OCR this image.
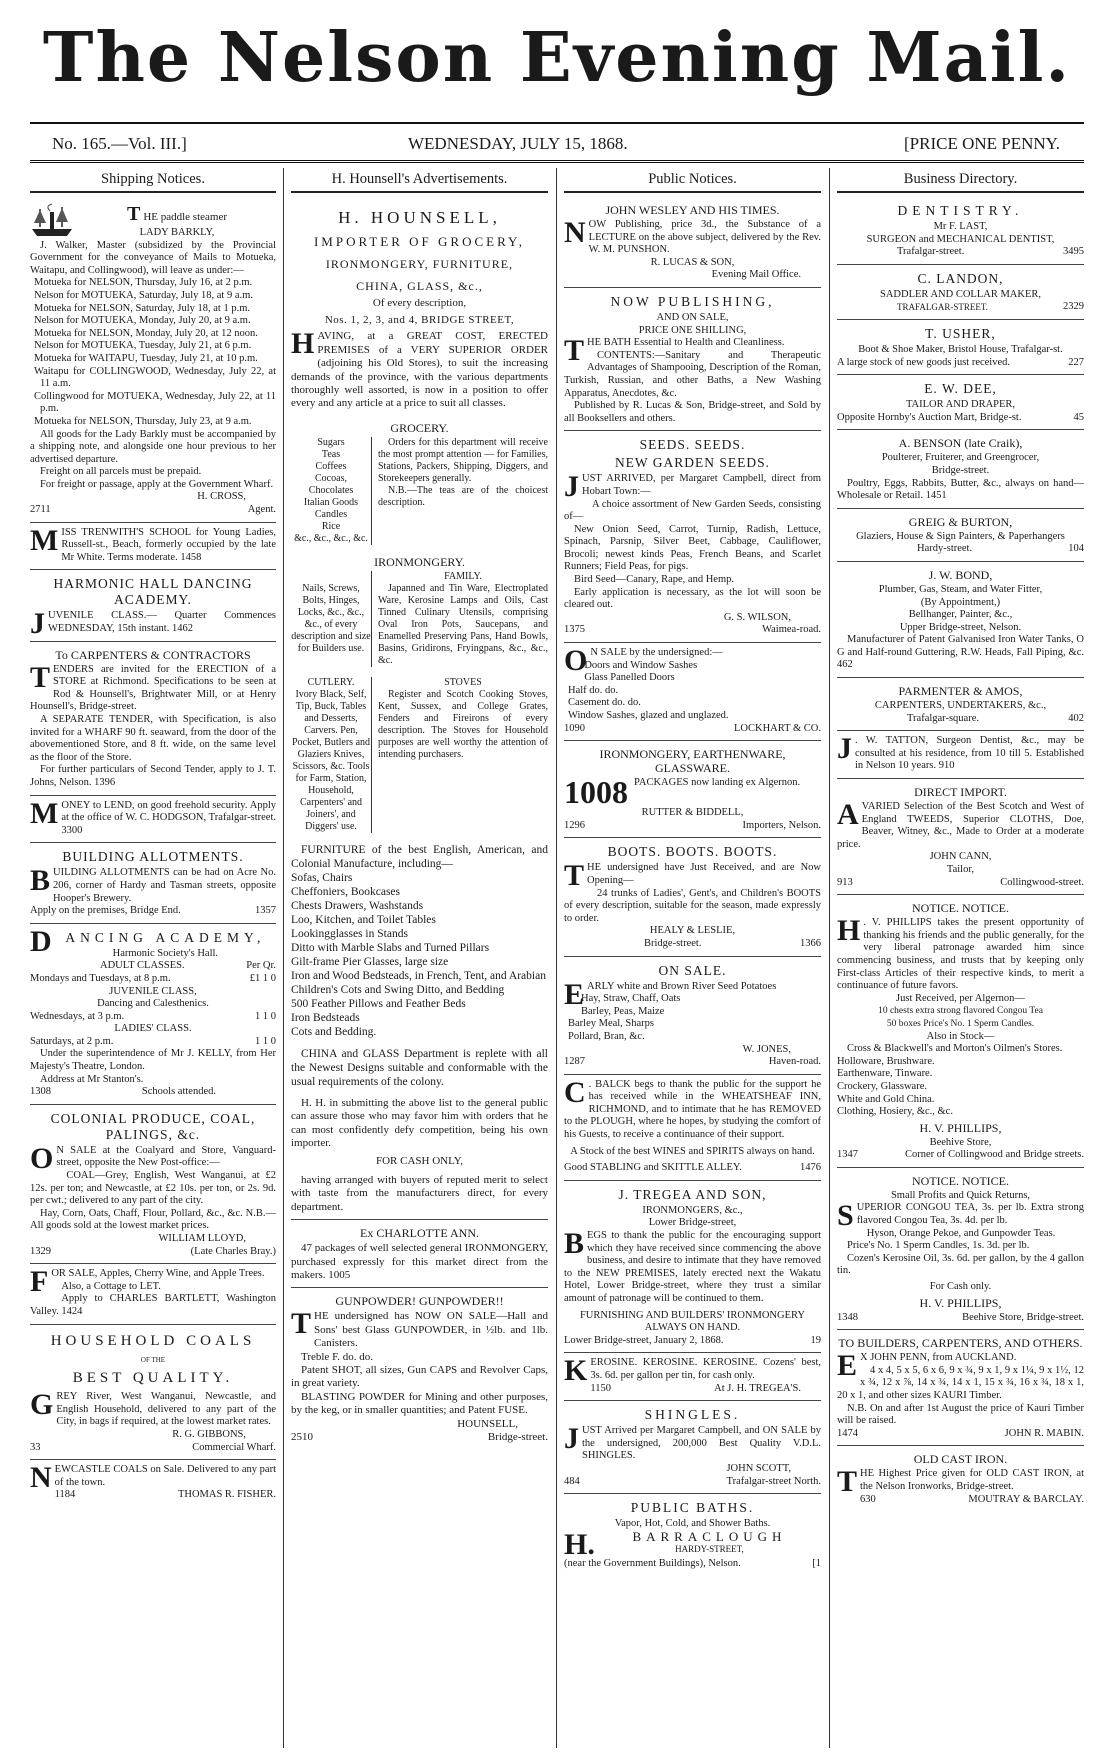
The Nelson Evening Mail.
No. 165.—Vol. III.]	WEDNESDAY, JULY 15, 1868.	[PRICE ONE PENNY.
Shipping Notices.
THE paddle steamer
LADY BARKLY,

J. Walker, Master (subsidized by the Provincial Government for the conveyance of Mails to Motueka, Waitapu, and Collingwood), will leave as under:—

Motueka for NELSON, Thursday, July 16, at 2 p.m.

Nelson for MOTUEKA, Saturday, July 18, at 9 a.m.

Motueka for NELSON, Saturday, July 18, at 1 p.m.

Nelson for MOTUEKA, Monday, July 20, at 9 a.m.

Motueka for NELSON, Monday, July 20, at 12 noon.

Nelson for MOTUEKA, Tuesday, July 21, at 6 p.m.

Motueka for WAITAPU, Tuesday, July 21, at 10 p.m.

Waitapu for COLLINGWOOD, Wednesday, July 22, at 11 a.m.

Collingwood for MOTUEKA, Wednesday, July 22, at 11 p.m.

Motueka for NELSON, Thursday, July 23, at 9 a.m.

All goods for the Lady Barkly must be accompanied by a shipping note, and alongside one hour previous to her advertised departure.

Freight on all parcels must be prepaid.

For freight or passage, apply at the Government Wharf.

H. CROSS,
2711	Agent.
M ISS TRENWITH'S SCHOOL for Young Ladies, Russell-st., Beach, formerly occupied by the late Mr White. Terms moderate. 1458

HARMONIC HALL DANCING ACADEMY.
J UVENILE CLASS.— Quarter Commences WEDNESDAY, 15th instant. 1462

To CARPENTERS & CONTRACTORS
T ENDERS are invited for the ERECTION of a STORE at Richmond. Specifications to be seen at Rod & Hounsell's, Brightwater Mill, or at Henry Hounsell's, Bridge-street.

A SEPARATE TENDER, with Specification, is also invited for a WHARF 90 ft. seaward, from the door of the abovementioned Store, and 8 ft. wide, on the same level as the floor of the Store.

For further particulars of Second Tender, apply to J. T. Johns, Nelson. 1396

M ONEY to LEND, on good freehold security. Apply at the office of W. C. HODGSON, Trafalgar-street. 3300

BUILDING ALLOTMENTS.
B UILDING ALLOTMENTS can be had on Acre No. 206, corner of Hardy and Tasman streets, opposite Hooper's Brewery.

Apply on the premises, Bridge End.	1357
D	ANCING ACADEMY,
Harmonic Society's Hall.
ADULT CLASSES.	Per Qr.
Mondays and Tuesdays, at 8 p.m.	£1 1 0
JUVENILE CLASS,
Dancing and Calesthenics.
Wednesdays, at 3 p.m.	1 1 0
LADIES' CLASS.
Saturdays, at 2 p.m.	1 1 0

Under the superintendence of Mr J. KELLY, from Her Majesty's Theatre, London.

Address at Mr Stanton's.

1308	Schools attended.
COLONIAL PRODUCE, COAL, PALINGS, &c.
O N SALE at the Coalyard and Store, Vanguard-street, opposite the New Post-office:—

COAL—Grey, English, West Wanganui, at £2 12s. per ton; and Newcastle, at £2 10s. per ton, or 2s. 9d. per cwt.; delivered to any part of the city.

Hay, Corn, Oats, Chaff, Flour, Pollard, &c., &c. N.B.—All goods sold at the lowest market prices.

WILLIAM LLOYD,
1329	(Late Charles Bray.)
F OR SALE, Apples, Cherry Wine, and Apple Trees.

Also, a Cottage to LET.

Apply to CHARLES BARTLETT, Washington Valley. 1424

HOUSEHOLD COALS
OF THE
BEST QUALITY.
G REY River, West Wanganui, Newcastle, and English Household, delivered to any part of the City, in bags if required, at the lowest market rates.

R. G. GIBBONS,
33	Commercial Wharf.
N EWCASTLE COALS on Sale. Delivered to any part of the town.

1184	THOMAS R. FISHER.
H. Hounsell's Advertisements.
H. HOUNSELL,
IMPORTER OF GROCERY,
IRONMONGERY, FURNITURE,
CHINA, GLASS, &c.,
Of every description,
Nos. 1, 2, 3, and 4, BRIDGE STREET,
H AVING, at a GREAT COST, ERECTED PREMISES of a VERY SUPERIOR ORDER (adjoining his Old Stores), to suit the increasing demands of the province, with the various departments thoroughly well assorted, is now in a position to offer every and any article at a price to suit all classes.

GROCERY.
Sugars
Teas
Coffees
Cocoas,
Chocolates
Italian Goods
Candles
Rice
&c., &c., &c., &c.

Orders for this department will receive the most prompt attention — for Families, Stations, Packers, Shipping, Diggers, and Storekeepers generally.

N.B.—The teas are of the choicest description.

IRONMONGERY.
Nails, Screws, Bolts, Hinges, Locks, &c., &c., &c., of every description and size for Builders use.
FAMILY.

Japanned and Tin Ware, Electroplated Ware, Kerosine Lamps and Oils, Cast Tinned Culinary Utensils, comprising Oval Iron Pots, Saucepans, and Enamelled Preserving Pans, Hand Bowls, Basins, Gridirons, Fryingpans, &c., &c., &c.

CUTLERY.
Ivory Black, Self, Tip, Buck, Tables and Desserts, Carvers. Pen, Pocket, Butlers and Glaziers Knives, Scissors, &c. Tools for Farm, Station, Household, Carpenters' and Joiners', and Diggers' use.
STOVES

Register and Scotch Cooking Stoves, Kent, Sussex, and College Grates, Fenders and Fireirons of every description. The Stoves for Household purposes are well worthy the attention of intending purchasers.

FURNITURE of the best English, American, and Colonial Manufacture, including—

Sofas, Chairs
Cheffoniers, Bookcases
Chests Drawers, Washstands
Loo, Kitchen, and Toilet Tables
Lookingglasses in Stands
Ditto with Marble Slabs and Turned Pillars
Gilt-frame Pier Glasses, large size
Iron and Wood Bedsteads, in French, Tent, and Arabian
Children's Cots and Swing Ditto, and Bedding
500 Feather Pillows and Feather Beds
Iron Bedsteads
Cots and Bedding.

CHINA and GLASS Department is replete with all the Newest Designs suitable and conformable with the usual requirements of the colony.

H. H. in submitting the above list to the general public can assure those who may favor him with orders that he can most confidently defy competition, being his own importer.

FOR CASH ONLY,

having arranged with buyers of reputed merit to select with taste from the manufacturers direct, for every department.

Ex CHARLOTTE ANN.

47 packages of well selected general IRONMONGERY, purchased expressly for this market direct from the makers. 1005

GUNPOWDER! GUNPOWDER!!
T HE undersigned has NOW ON SALE—Hall and Sons' best Glass GUNPOWDER, in ½lb. and 1lb. Canisters.

Treble F. do. do.

Patent SHOT, all sizes, Gun CAPS and Revolver Caps, in great variety.

BLASTING POWDER for Mining and other purposes, by the keg, or in smaller quantities; and Patent FUSE.

HOUNSELL,
2510	Bridge-street.
Public Notices.
JOHN WESLEY AND HIS TIMES.
N OW Publishing, price 3d., the Substance of a LECTURE on the above subject, delivered by the Rev. W. M. PUNSHON.

R. LUCAS & SON,
Evening Mail Office.
NOW PUBLISHING,
AND ON SALE,
PRICE ONE SHILLING,
T HE BATH Essential to Health and Cleanliness.

CONTENTS:—Sanitary and Therapeutic Advantages of Shampooing, Description of the Roman, Turkish, Russian, and other Baths, a New Washing Apparatus, Anecdotes, &c.

Published by R. Lucas & Son, Bridge-street, and Sold by all Booksellers and others.

SEEDS. SEEDS.
NEW GARDEN SEEDS.
J UST ARRIVED, per Margaret Campbell, direct from Hobart Town:—

A choice assortment of New Garden Seeds, consisting of—

New Onion Seed, Carrot, Turnip, Radish, Lettuce, Spinach, Parsnip, Silver Beet, Cabbage, Cauliflower, Brocoli; newest kinds Peas, French Beans, and Scarlet Runners; Field Peas, for pigs.

Bird Seed—Canary, Rape, and Hemp.

Early application is necessary, as the lot will soon be cleared out.

G. S. WILSON,
1375	Waimea-road.
O N SALE by the undersigned:—

Doors and Window Sashes
Glass Panelled Doors
Half do. do.
Casement do. do.
Window Sashes, glazed and unglazed.
1090	LOCKHART & CO.
IRONMONGERY, EARTHENWARE, GLASSWARE.
1008 PACKAGES now landing ex Algernon.

RUTTER & BIDDELL,
1296	Importers, Nelson.
BOOTS. BOOTS. BOOTS.
T HE undersigned have Just Received, and are Now Opening—

24 trunks of Ladies', Gent's, and Children's BOOTS of every description, suitable for the season, made expressly to order.

HEALY & LESLIE,
Bridge-street.	1366
ON SALE.
E ARLY white and Brown River Seed Potatoes

Hay, Straw, Chaff, Oats
Barley, Peas, Maize
Barley Meal, Sharps
Pollard, Bran, &c.
W. JONES,
1287	Haven-road.
C . BALCK begs to thank the public for the support he has received while in the WHEATSHEAF INN, RICHMOND, and to intimate that he has REMOVED to the PLOUGH, where he hopes, by studying the comfort of his Guests, to receive a continuance of their support.

A Stock of the best WINES and SPIRITS always on hand.
Good STABLING and SKITTLE ALLEY.	1476
J. TREGEA AND SON,
IRONMONGERS, &c.,
Lower Bridge-street,
B EGS to thank the public for the encouraging support which they have received since commencing the above business, and desire to intimate that they have removed to the NEW PREMISES, lately erected next the Wakatu Hotel, Lower Bridge-street, where they trust a similar amount of patronage will be continued to them.

FURNISHING AND BUILDERS' IRONMONGERY ALWAYS ON HAND.
Lower Bridge-street, January 2, 1868.	19
K EROSINE. KEROSINE. KEROSINE. Cozens' best, 3s. 6d. per gallon per tin, for cash only.

1150	At J. H. TREGEA'S.
SHINGLES.
J UST Arrived per Margaret Campbell, and ON SALE by the undersigned, 200,000 Best Quality V.D.L. SHINGLES.

JOHN SCOTT,
484	Trafalgar-street North.
PUBLIC BATHS.
Vapor, Hot, Cold, and Shower Baths.
H.	BARRACLOUGH
HARDY-STREET,
(near the Government Buildings), Nelson.	[1
Business Directory.
DENTISTRY.
Mr F. LAST,
SURGEON and MECHANICAL DENTIST,
Trafalgar-street.	3495
C. LANDON,
SADDLER AND COLLAR MAKER,
TRAFALGAR-STREET.	2329
T. USHER,
Boot & Shoe Maker, Bristol House, Trafalgar-st.
A large stock of new goods just received.	227
E. W. DEE,
TAILOR AND DRAPER,
Opposite Hornby's Auction Mart, Bridge-st.	45
A. BENSON (late Craik),
Poulterer, Fruiterer, and Greengrocer,
Bridge-street.

Poultry, Eggs, Rabbits, Butter, &c., always on hand—Wholesale or Retail. 1451

GREIG & BURTON,
Glaziers, House & Sign Painters, & Paperhangers
Hardy-street.	104
J. W. BOND,
Plumber, Gas, Steam, and Water Fitter,
(By Appointment,)
Bellhanger, Painter, &c.,
Upper Bridge-street, Nelson.

Manufacturer of Patent Galvanised Iron Water Tanks, O G and Half-round Guttering, R.W. Heads, Fall Piping, &c. 462

PARMENTER & AMOS,
CARPENTERS, UNDERTAKERS, &c.,
Trafalgar-square.	402
J . W. TATTON, Surgeon Dentist, &c., may be consulted at his residence, from 10 till 5. Established in Nelson 10 years. 910

DIRECT IMPORT.
A VARIED Selection of the Best Scotch and West of England TWEEDS, Superior CLOTHS, Doe, Beaver, Witney, &c., Made to Order at a moderate price.

JOHN CANN,
Tailor,
913	Collingwood-street.
NOTICE. NOTICE.
H . V. PHILLIPS takes the present opportunity of thanking his friends and the public generally, for the very liberal patronage awarded him since commencing business, and trusts that by keeping only First-class Articles of their respective kinds, to merit a continuance of future favors.

Just Received, per Algernon—
10 chests extra strong flavored Congou Tea
50 boxes Price's No. 1 Sperm Candles.
Also in Stock—

Cross & Blackwell's and Morton's Oilmen's Stores.

Holloware, Brushware.
Earthenware, Tinware.
Crockery, Glassware.
White and Gold China.
Clothing, Hosiery, &c., &c.
H. V. PHILLIPS,
Beehive Store,
1347	Corner of Collingwood and Bridge streets.
NOTICE. NOTICE.
Small Profits and Quick Returns,
S UPERIOR CONGOU TEA, 3s. per lb. Extra strong flavored Congou Tea, 3s. 4d. per lb.

Hyson, Orange Pekoe, and Gunpowder Teas.

Price's No. 1 Sperm Candles, 1s. 3d. per lb.

Cozen's Kerosine Oil, 3s. 6d. per gallon, by the 4 gallon tin.

For Cash only.
H. V. PHILLIPS,
1348	Beehive Store, Bridge-street.
TO BUILDERS, CARPENTERS, AND OTHERS.
E X JOHN PENN, from AUCKLAND.

4 x 4, 5 x 5, 6 x 6, 9 x ¾, 9 x 1, 9 x 1¼, 9 x 1½, 12 x ¾, 12 x ⅞, 14 x ¾, 14 x 1, 15 x ¾, 16 x ¾, 18 x 1, 20 x 1, and other sizes KAURI Timber.

N.B. On and after 1st August the price of Kauri Timber will be raised.

1474	JOHN R. MABIN.
OLD CAST IRON.
T HE Highest Price given for OLD CAST IRON, at the Nelson Ironworks, Bridge-street.

630	MOUTRAY & BARCLAY.
